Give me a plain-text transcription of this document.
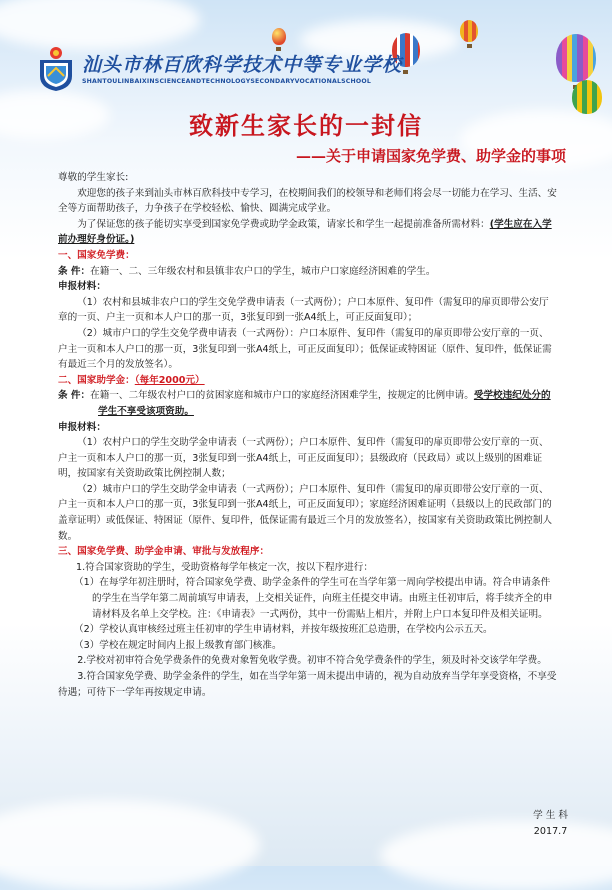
汕头市林百欣科学技术中等专业学校
SHANTOULINBAIXINSCIENCEANDTECHNOLOGYSECONDARYVOCATIONALSCHOOL
致新生家长的一封信
——关于申请国家免学费、助学金的事项

尊敬的学生家长:

欢迎您的孩子来到汕头市林百欣科技中专学习，在校期间我们的校领导和老师们将会尽一切能力在学习、生活、安全等方面帮助孩子，力争孩子在学校轻松、愉快、圆满完成学业。

为了保证您的孩子能切实享受到国家免学费或助学金政策，请家长和学生一起提前准备所需材料：(学生应在入学前办理好身份证。)

一、国家免学费：

条 件：在籍一、二、三年级农村和县镇非农户口的学生，城市户口家庭经济困难的学生。

申报材料：

（1）农村和县城非农户口的学生交免学费申请表（一式两份）；户口本原件、复印件（需复印的扉页即带公安厅章的一页、户主一页和本人户口的那一页，3张复印到一张A4纸上，可正反面复印）；

（2）城市户口的学生交免学费申请表（一式两份）：户口本原件、复印件（需复印的扉页即带公安厅章的一页、户主一页和本人户口的那一页，3张复印到一张A4纸上，可正反面复印）；低保证或特困证（原件、复印件，低保证需有最近三个月的发放签名）。

二、国家助学金：（每年2000元）

条 件：在籍一、二年级农村户口的贫困家庭和城市户口的家庭经济困难学生，按规定的比例申请。受学校违纪处分的学生不享受该项资助。

申报材料：

（1）农村户口的学生交助学金申请表（一式两份）；户口本原件、复印件（需复印的扉页即带公安厅章的一页、户主一页和本人户口的那一页，3张复印到一张A4纸上，可正反面复印）；县级政府（民政局）或以上级别的困难证明，按国家有关资助政策比例控制人数；

（2）城市户口的学生交助学金申请表（一式两份）；户口本原件、复印件（需复印的扉页即带公安厅章的一页、户主一页和本人户口的那一页，3张复印到一张A4纸上，可正反面复印）；家庭经济困难证明（县级以上的民政部门的盖章证明）或低保证、特困证（原件、复印件，低保证需有最近三个月的发放签名），按国家有关资助政策比例控制人数。

三、国家免学费、助学金申请、审批与发放程序：

1.符合国家资助的学生，受助资格每学年核定一次，按以下程序进行：

（1）在每学年初注册时，符合国家免学费、助学金条件的学生可在当学年第一周向学校提出申请。符合申请条件的学生在当学年第二周前填写申请表，上交相关证件，向班主任提交申请。由班主任初审后，将手续齐全的申请材料及名单上交学校。注：《申请表》一式两份，其中一份需贴上相片，并附上户口本复印件及相关证明。

（2）学校认真审核经过班主任初审的学生申请材料，并按年级按班汇总造册，在学校内公示五天。

（3）学校在规定时间内上报上级教育部门核准。

2.学校对初审符合免学费条件的免费对象暂免收学费。初审不符合免学费条件的学生，须及时补交该学年学费。

3.符合国家免学费、助学金条件的学生，如在当学年第一周未提出申请的，视为自动放弃当学年享受资格，不享受待遇；可待下一学年再按规定申请。

学 生 科
2017.7
